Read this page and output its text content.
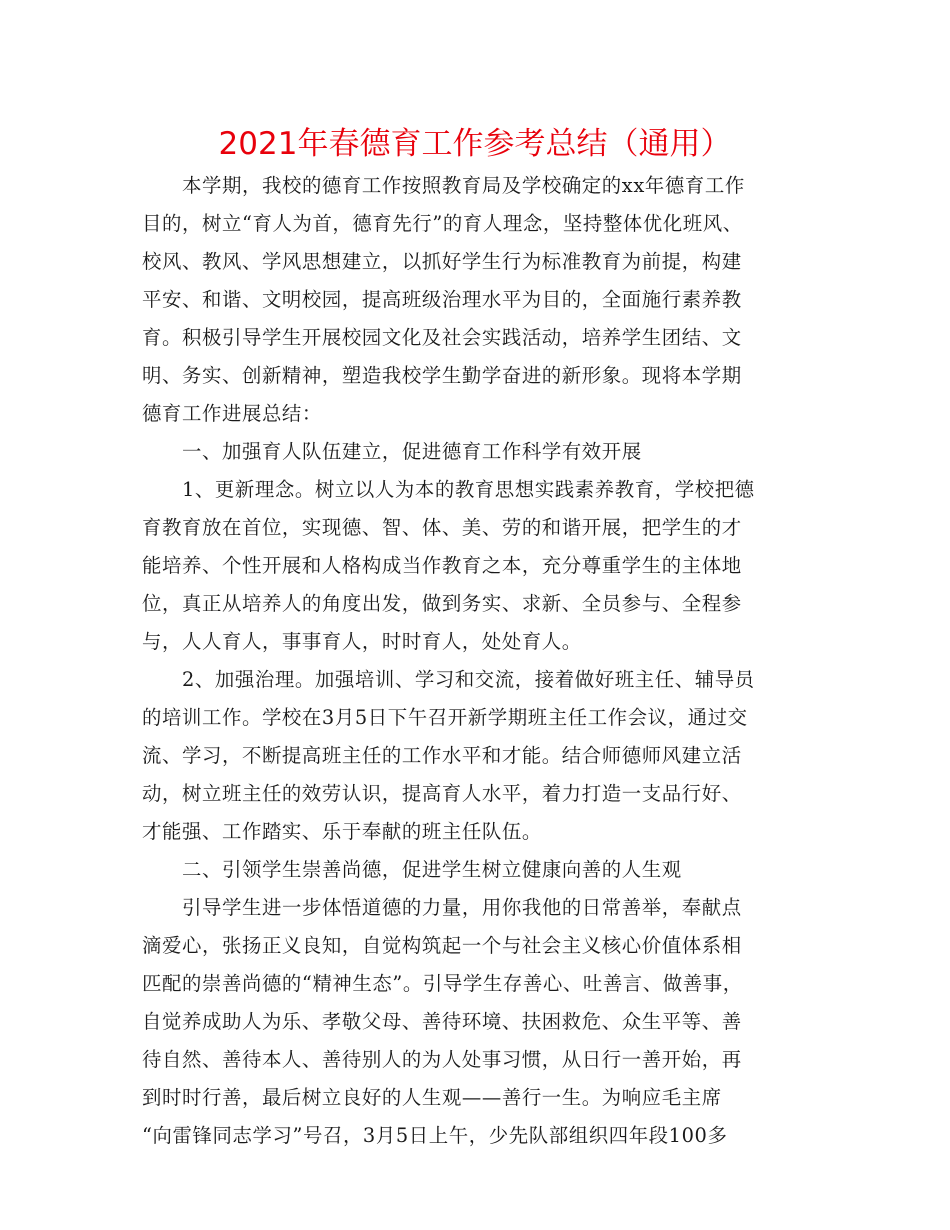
2021年春德育工作参考总结（通用）
本学期，我校的德育工作按照教育局及学校确定的xx年德育工作
目的，树立“育人为首，德育先行”的育人理念，坚持整体优化班风、
校风、教风、学风思想建立，以抓好学生行为标准教育为前提，构建
平安、和谐、文明校园，提高班级治理水平为目的，全面施行素养教
育。积极引导学生开展校园文化及社会实践活动，培养学生团结、文
明、务实、创新精神，塑造我校学生勤学奋进的新形象。现将本学期
德育工作进展总结：
一、加强育人队伍建立，促进德育工作科学有效开展
1、更新理念。树立以人为本的教育思想实践素养教育，学校把德
育教育放在首位，实现德、智、体、美、劳的和谐开展，把学生的才
能培养、个性开展和人格构成当作教育之本，充分尊重学生的主体地
位，真正从培养人的角度出发，做到务实、求新、全员参与、全程参
与，人人育人，事事育人，时时育人，处处育人。
2、加强治理。加强培训、学习和交流，接着做好班主任、辅导员
的培训工作。学校在3月5日下午召开新学期班主任工作会议，通过交
流、学习，不断提高班主任的工作水平和才能。结合师德师风建立活
动，树立班主任的效劳认识，提高育人水平，着力打造一支品行好、
才能强、工作踏实、乐于奉献的班主任队伍。
二、引领学生崇善尚德，促进学生树立健康向善的人生观
引导学生进一步体悟道德的力量，用你我他的日常善举，奉献点
滴爱心，张扬正义良知，自觉构筑起一个与社会主义核心价值体系相
匹配的崇善尚德的“精神生态”。引导学生存善心、吐善言、做善事，
自觉养成助人为乐、孝敬父母、善待环境、扶困救危、众生平等、善
待自然、善待本人、善待别人的为人处事习惯，从日行一善开始，再
到时时行善，最后树立良好的人生观——善行一生。为响应毛主席
“向雷锋同志学习”号召，3月5日上午，少先队部组织四年段100多
